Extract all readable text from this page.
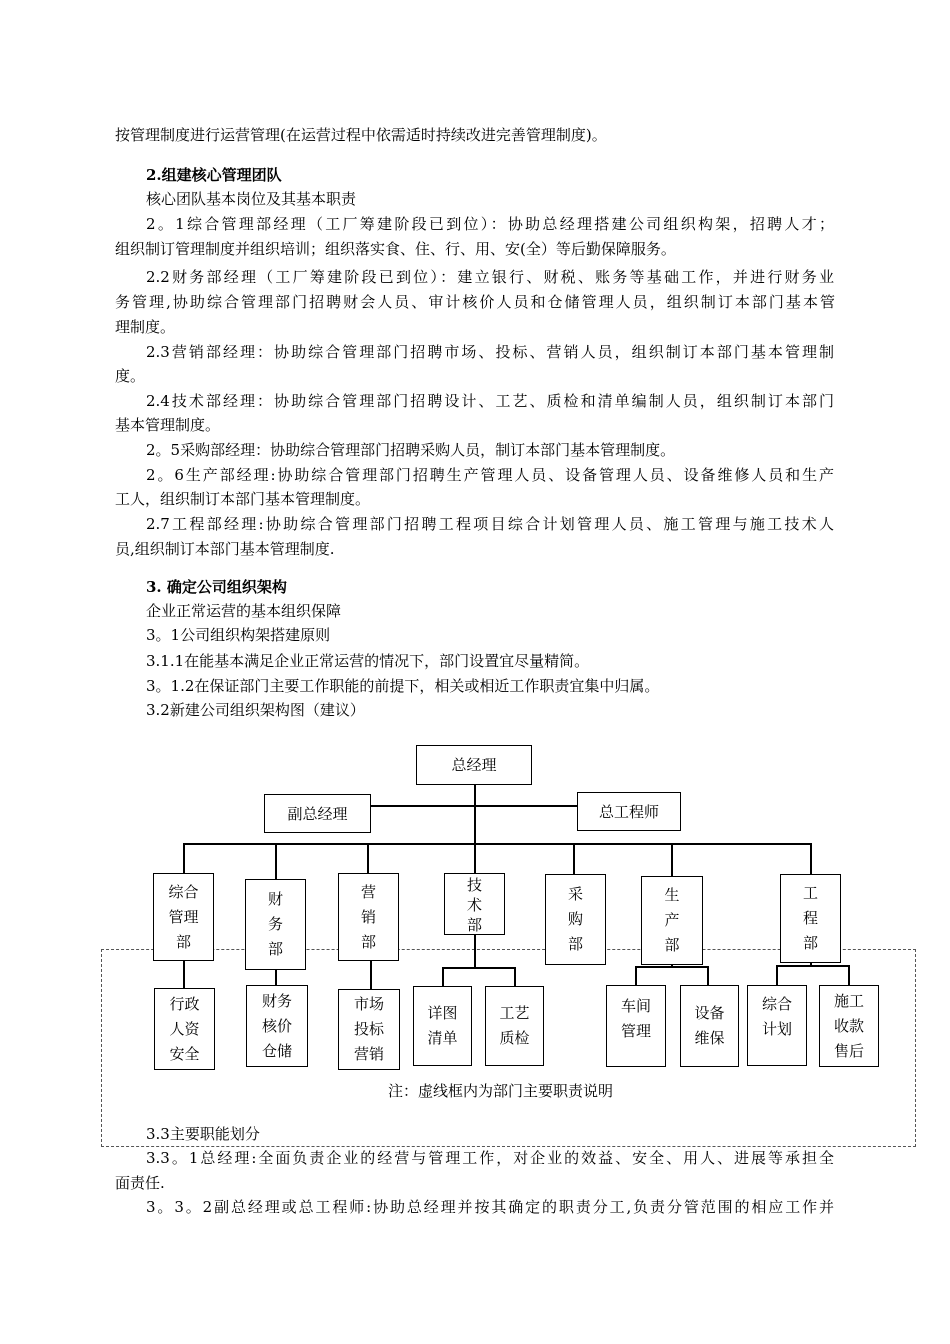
按管理制度进行运营管理(在运营过程中依需适时持续改进完善管理制度)。
2.组建核心管理团队
核心团队基本岗位及其基本职责
2。1综合管理部经理（工厂筹建阶段已到位）：协助总经理搭建公司组织构架，招聘人才；
组织制订管理制度并组织培训；组织落实食、住、行、用、安(全）等后勤保障服务。
2.2财务部经理（工厂筹建阶段已到位）：建立银行、财税、账务等基础工作，并进行财务业
务管理,协助综合管理部门招聘财会人员、审计核价人员和仓储管理人员，组织制订本部门基本管
理制度。
2.3营销部经理：协助综合管理部门招聘市场、投标、营销人员，组织制订本部门基本管理制
度。
2.4技术部经理：协助综合管理部门招聘设计、工艺、质检和清单编制人员，组织制订本部门
基本管理制度。
2。5采购部经理：协助综合管理部门招聘采购人员，制订本部门基本管理制度。
2。6生产部经理:协助综合管理部门招聘生产管理人员、设备管理人员、设备维修人员和生产
工人，组织制订本部门基本管理制度。
2.7工程部经理:协助综合管理部门招聘工程项目综合计划管理人员、施工管理与施工技术人
员,组织制订本部门基本管理制度.
3. 确定公司组织架构
企业正常运营的基本组织保障
3。1公司组织构架搭建原则
3.1.1在能基本满足企业正常运营的情况下，部门设置宜尽量精简。
3。1.2在保证部门主要工作职能的前提下，相关或相近工作职责宜集中归属。
3.2新建公司组织架构图（建议）
总经理
副总经理	总工程师
综合
管理
部
财
务
部
营
销
部
技
术
部
采
购
部
生
产
部
工
程
部
行政
人资
安全
财务
核价
仓储
市场
投标
营销
详图
清单
工艺
质检
车间
管理
设备
维保
综合
计划
施工
收款
售后
注：虚线框内为部门主要职责说明
3.3主要职能划分
3.3。1总经理:全面负责企业的经营与管理工作，对企业的效益、安全、用人、进展等承担全
面责任.
3。3。2副总经理或总工程师:协助总经理并按其确定的职责分工,负责分管范围的相应工作并
